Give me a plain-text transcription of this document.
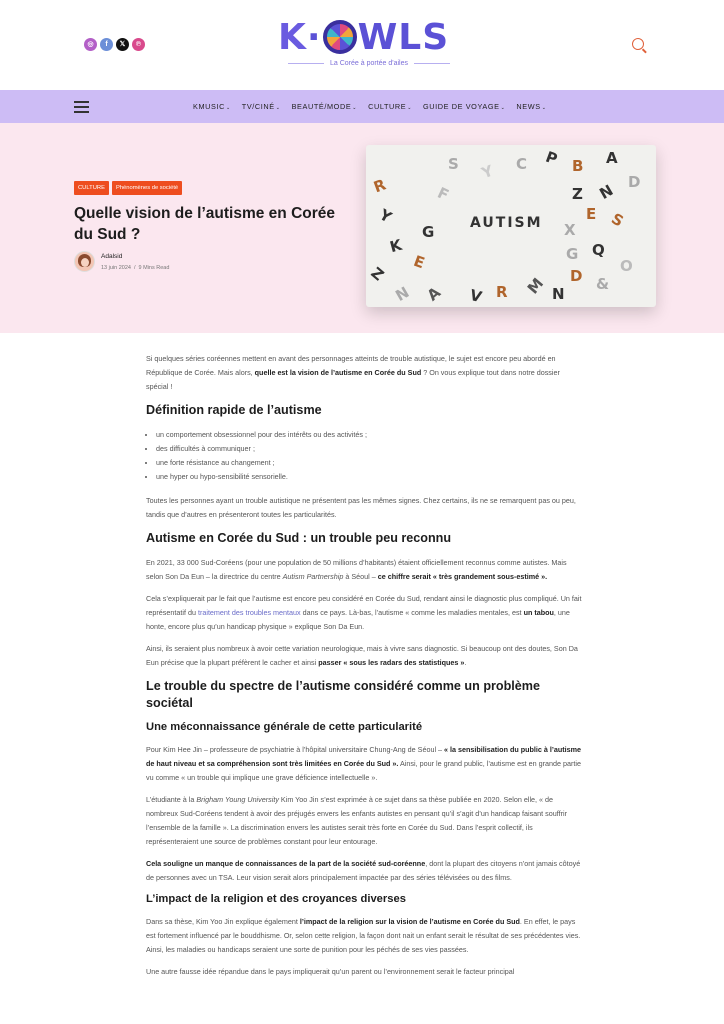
◎	f	𝕏	℗	K· WLS
La Corée à portée d'ailes
KMUSIC⌄ TV/CINÉ⌄ BEAUTÉ/MODE⌄ CULTURE⌄ GUIDE DE VOYAGE⌄ NEWS⌄
CULTURE	Phénomènes de société
Quelle vision de l’autisme en Corée du Sud ?
Adalsid
13 juin 2024 / 9 Mins Read
R
Y
K
Z
N
G
E
A
S
F
Y
V R M N
C P B A
Z N D
E S
X
G Q
D &
O
AUTISM

Si quelques séries coréennes mettent en avant des personnages atteints de trouble autistique, le sujet est encore peu abordé en République de Corée. Mais alors, quelle est la vision de l’autisme en Corée du Sud ? On vous explique tout dans notre dossier spécial !

Définition rapide de l’autisme
• un comportement obsessionnel pour des intérêts ou des activités ;
• des difficultés à communiquer ;
• une forte résistance au changement ;
• une hyper ou hypo-sensibilité sensorielle.

Toutes les personnes ayant un trouble autistique ne présentent pas les mêmes signes. Chez certains, ils ne se remarquent pas ou peu, tandis que d’autres en présenteront toutes les particularités.

Autisme en Corée du Sud : un trouble peu reconnu

En 2021, 33 000 Sud-Coréens (pour une population de 50 millions d’habitants) étaient officiellement reconnus comme autistes. Mais selon Son Da Eun – la directrice du centre Autism Partnership à Séoul – ce chiffre serait « très grandement sous-estimé ».

Cela s’expliquerait par le fait que l’autisme est encore peu considéré en Corée du Sud, rendant ainsi le diagnostic plus compliqué. Un fait représentatif du traitement des troubles mentaux dans ce pays. Là-bas, l’autisme « comme les maladies mentales, est un tabou, une honte, encore plus qu’un handicap physique » explique Son Da Eun.

Ainsi, ils seraient plus nombreux à avoir cette variation neurologique, mais à vivre sans diagnostic. Si beaucoup ont des doutes, Son Da Eun précise que la plupart préfèrent le cacher et ainsi passer « sous les radars des statistiques ».

Le trouble du spectre de l’autisme considéré comme un problème sociétal
Une méconnaissance générale de cette particularité

Pour Kim Hee Jin – professeure de psychiatrie à l’hôpital universitaire Chung-Ang de Séoul – « la sensibilisation du public à l’autisme de haut niveau et sa compréhension sont très limitées en Corée du Sud ». Ainsi, pour le grand public, l’autisme est en grande partie vu comme « un trouble qui implique une grave déficience intellectuelle ».

L’étudiante à la Brigham Young University Kim Yoo Jin s’est exprimée à ce sujet dans sa thèse publiée en 2020. Selon elle, « de nombreux Sud-Coréens tendent à avoir des préjugés envers les enfants autistes en pensant qu’il s’agit d’un handicap faisant souffrir l’ensemble de la famille ». La discrimination envers les autistes serait très forte en Corée du Sud. Dans l’esprit collectif, ils représenteraient une source de problèmes constant pour leur entourage.

Cela souligne un manque de connaissances de la part de la société sud-coréenne, dont la plupart des citoyens n’ont jamais côtoyé de personnes avec un TSA. Leur vision serait alors principalement impactée par des séries télévisées ou des films.

L’impact de la religion et des croyances diverses

Dans sa thèse, Kim Yoo Jin explique également l’impact de la religion sur la vision de l’autisme en Corée du Sud. En effet, le pays est fortement influencé par le bouddhisme. Or, selon cette religion, la façon dont nait un enfant serait le résultat de ses précédentes vies. Ainsi, les maladies ou handicaps seraient une sorte de punition pour les péchés de ses vies passées.

Une autre fausse idée répandue dans le pays impliquerait qu’un parent ou l’environnement serait le facteur principal
